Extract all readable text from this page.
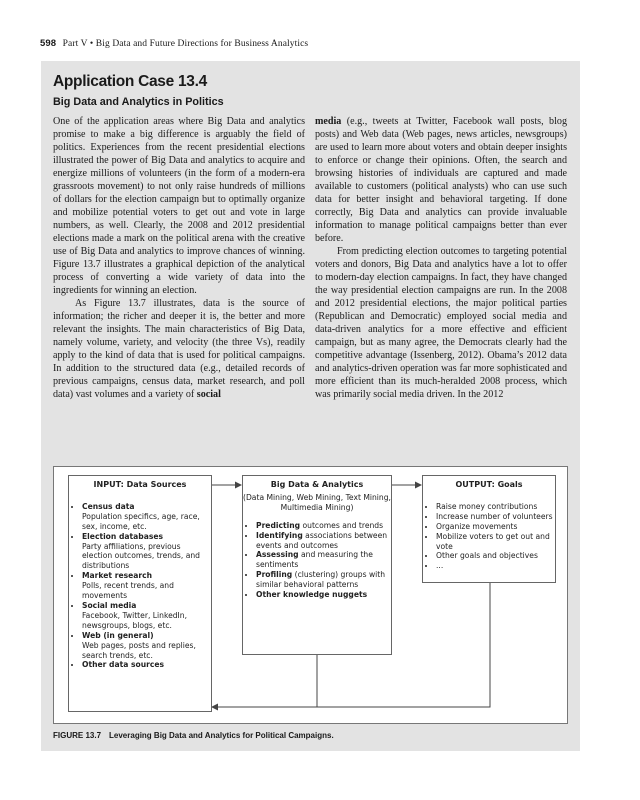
598 Part V • Big Data and Future Directions for Business Analytics
Application Case 13.4
Big Data and Analytics in Politics

One of the application areas where Big Data and analytics promise to make a big difference is arguably the field of politics. Experiences from the recent presidential elections illustrated the power of Big Data and analytics to acquire and energize millions of volunteers (in the form of a modern-era grassroots movement) to not only raise hundreds of millions of dollars for the election campaign but to optimally organize and mobilize potential voters to get out and vote in large numbers, as well. Clearly, the 2008 and 2012 presidential elections made a mark on the political arena with the creative use of Big Data and analytics to improve chances of winning. Figure 13.7 illustrates a graphical depiction of the analytical process of converting a wide variety of data into the ingredients for winning an election.

As Figure 13.7 illustrates, data is the source of information; the richer and deeper it is, the better and more relevant the insights. The main characteristics of Big Data, namely volume, variety, and velocity (the three Vs), readily apply to the kind of data that is used for political campaigns. In addition to the structured data (e.g., detailed records of previous campaigns, census data, market research, and poll data) vast volumes and a variety of social

media (e.g., tweets at Twitter, Facebook wall posts, blog posts) and Web data (Web pages, news articles, newsgroups) are used to learn more about voters and obtain deeper insights to enforce or change their opinions. Often, the search and browsing histories of individuals are captured and made available to customers (political analysts) who can use such data for better insight and behavioral targeting. If done correctly, Big Data and analytics can provide invaluable information to manage political campaigns better than ever before.

From predicting election outcomes to targeting potential voters and donors, Big Data and analytics have a lot to offer to modern-day election campaigns. In fact, they have changed the way presidential election campaigns are run. In the 2008 and 2012 presidential elections, the major political parties (Republican and Democratic) employed social media and data-driven analytics for a more effective and efficient campaign, but as many agree, the Democrats clearly had the competitive advantage (Issenberg, 2012). Obama’s 2012 data and analytics-driven operation was far more sophisticated and more efficient than its much-heralded 2008 process, which was primarily social media driven. In the 2012

INPUT: Data Sources
• Census data
Population specifics, age, race, sex, income, etc.
• Election databases
Party affiliations, previous election outcomes, trends, and distributions
• Market research
Polls, recent trends, and movements
• Social media
Facebook, Twitter, LinkedIn, newsgroups, blogs, etc.
• Web (in general)
Web pages, posts and replies, search trends, etc.
• Other data sources
Big Data & Analytics
(Data Mining, Web Mining, Text Mining, Multimedia Mining)
• Predicting outcomes and trends
• Identifying associations between events and outcomes
• Assessing and measuring the sentiments
• Profiling (clustering) groups with similar behavioral patterns
• Other knowledge nuggets
OUTPUT: Goals
• Raise money contributions
• Increase number of volunteers
• Organize movements
• Mobilize voters to get out and vote
• Other goals and objectives
• ...
FIGURE 13.7 Leveraging Big Data and Analytics for Political Campaigns.
